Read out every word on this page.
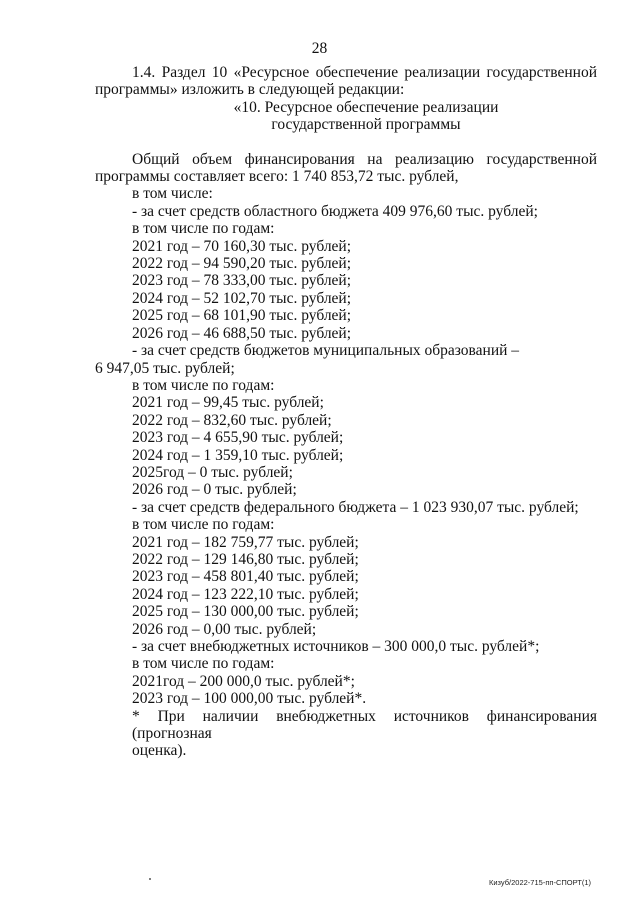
28
1.4. Раздел 10 «Ресурсное обеспечение реализации государственной
программы» изложить в следующей редакции:
«10. Ресурсное обеспечение реализации
государственной программы
Общий объем финансирования на реализацию государственной
программы составляет всего: 1 740 853,72 тыс. рублей,
в том числе:
- за счет средств областного бюджета 409 976,60 тыс. рублей;
в том числе по годам:
2021 год – 70 160,30 тыс. рублей;
2022 год – 94 590,20 тыс. рублей;
2023 год – 78 333,00 тыс. рублей;
2024 год – 52 102,70 тыс. рублей;
2025 год – 68 101,90 тыс. рублей;
2026 год – 46 688,50 тыс. рублей;
- за счет средств бюджетов муниципальных образований –
6 947,05 тыс. рублей;
в том числе по годам:
2021 год – 99,45 тыс. рублей;
2022 год – 832,60 тыс. рублей;
2023 год – 4 655,90 тыс. рублей;
2024 год – 1 359,10 тыс. рублей;
2025год – 0 тыс. рублей;
2026 год – 0 тыс. рублей;
- за счет средств федерального бюджета – 1 023 930,07 тыс. рублей;
в том числе по годам:
2021 год – 182 759,77 тыс. рублей;
2022 год – 129 146,80 тыс. рублей;
2023 год – 458 801,40 тыс. рублей;
2024 год – 123 222,10 тыс. рублей;
2025 год – 130 000,00 тыс. рублей;
2026 год – 0,00 тыс. рублей;
- за счет внебюджетных источников – 300 000,0 тыс. рублей*;
в том числе по годам:
2021год – 200 000,0 тыс. рублей*;
2023 год – 100 000,00 тыс. рублей*.
* При наличии внебюджетных источников финансирования (прогнозная
оценка).
Кизуб/2022-715-пп-СПОРТ(1)
